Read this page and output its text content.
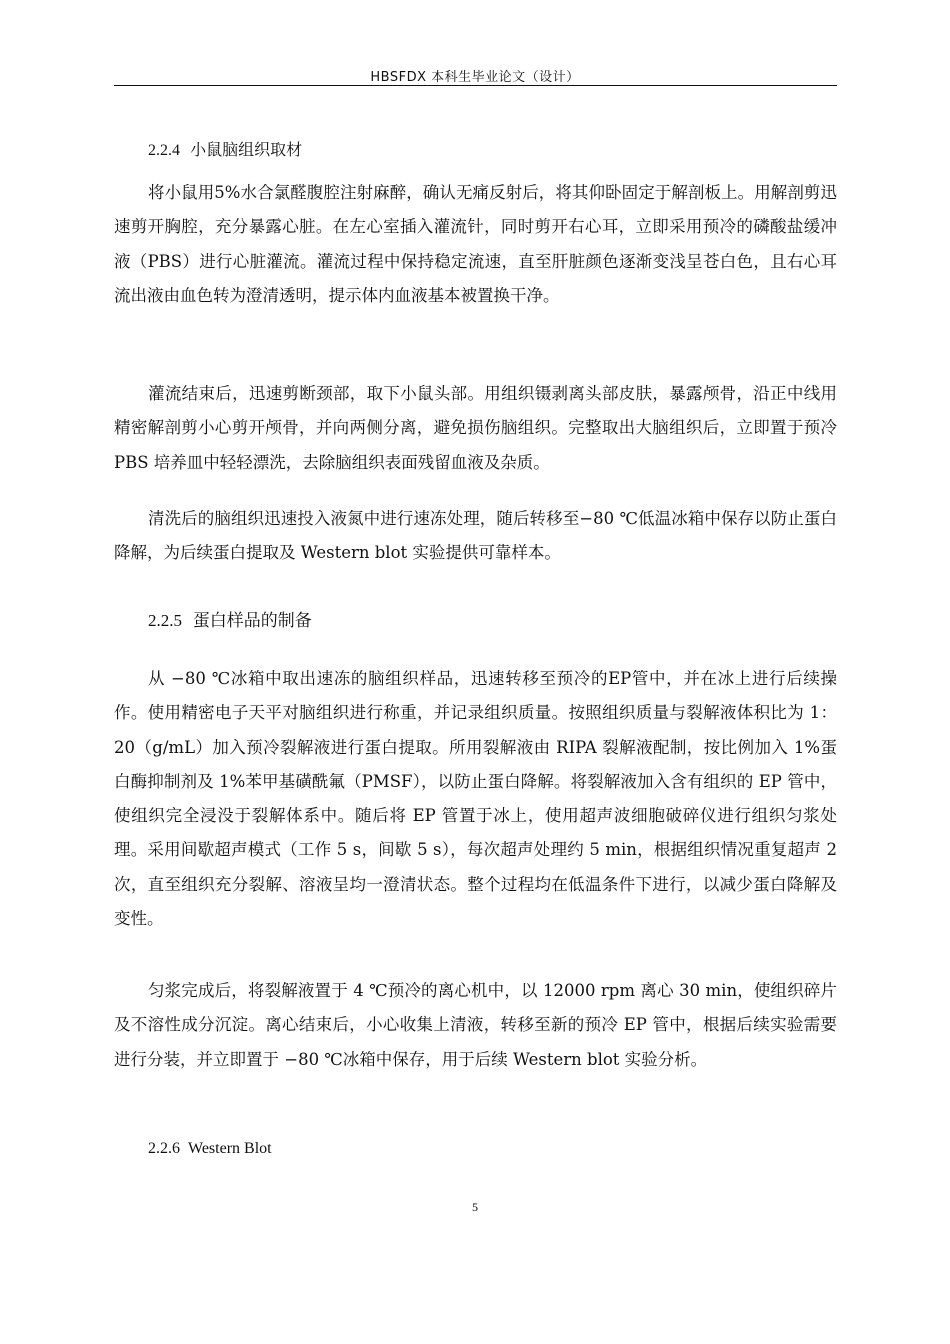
HBSFDX 本科生毕业论文（设计）
2.2.4 小鼠脑组织取材

将小鼠用5%水合氯醛腹腔注射麻醉，确认无痛反射后，将其仰卧固定于解剖板上。用解剖剪迅速剪开胸腔，充分暴露心脏。在左心室插入灌流针，同时剪开右心耳，立即采用预冷的磷酸盐缓冲液（PBS）进行心脏灌流。灌流过程中保持稳定流速，直至肝脏颜色逐渐变浅呈苍白色，且右心耳流出液由血色转为澄清透明，提示体内血液基本被置换干净。

灌流结束后，迅速剪断颈部，取下小鼠头部。用组织镊剥离头部皮肤，暴露颅骨，沿正中线用精密解剖剪小心剪开颅骨，并向两侧分离，避免损伤脑组织。完整取出大脑组织后，立即置于预冷 PBS 培养皿中轻轻漂洗，去除脑组织表面残留血液及杂质。

清洗后的脑组织迅速投入液氮中进行速冻处理，随后转移至−80 ℃低温冰箱中保存以防止蛋白降解，为后续蛋白提取及 Western blot 实验提供可靠样本。

2.2.5 蛋白样品的制备

从 −80 ℃冰箱中取出速冻的脑组织样品，迅速转移至预冷的EP管中，并在冰上进行后续操作。使用精密电子天平对脑组织进行称重，并记录组织质量。按照组织质量与裂解液体积比为 1：20（g/mL）加入预冷裂解液进行蛋白提取。所用裂解液由 RIPA 裂解液配制，按比例加入 1%蛋白酶抑制剂及 1%苯甲基磺酰氟（PMSF），以防止蛋白降解。将裂解液加入含有组织的 EP 管中，使组织完全浸没于裂解体系中。随后将 EP 管置于冰上，使用超声波细胞破碎仪进行组织匀浆处理。采用间歇超声模式（工作 5 s，间歇 5 s），每次超声处理约 5 min，根据组织情况重复超声 2 次，直至组织充分裂解、溶液呈均一澄清状态。整个过程均在低温条件下进行，以减少蛋白降解及变性。

匀浆完成后，将裂解液置于 4 ℃预冷的离心机中，以 12000 rpm 离心 30 min，使组织碎片及不溶性成分沉淀。离心结束后，小心收集上清液，转移至新的预冷 EP 管中，根据后续实验需要进行分装，并立即置于 −80 ℃冰箱中保存，用于后续 Western blot 实验分析。

2.2.6 Western Blot
5
